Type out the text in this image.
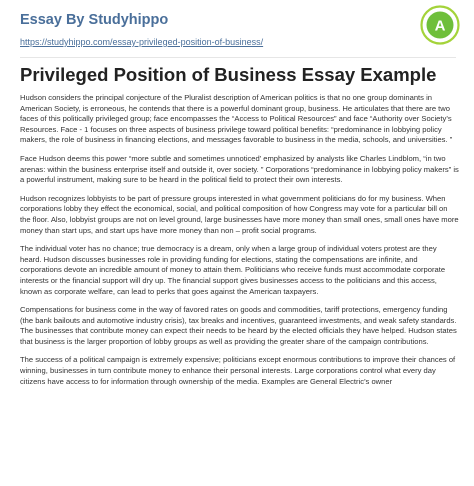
Essay By Studyhippo
https://studyhippo.com/essay-privileged-position-of-business/
A
Privileged Position of Business Essay Example

Hudson considers the principal conjecture of the Pluralist description of American politics is that no one group dominants in American Society, is erroneous, he contends that there is a powerful dominant group, business. He articulates that there are two faces of this politically privileged group; face encompasses the “Access to Political Resources” and face “Authority over Society’s Resources. Face - 1 focuses on three aspects of business privilege toward political benefits: “predominance in lobbying policy makers, the role of business in financing elections, and messages favorable to business in the media, schools, and universities. ”

Face Hudson deems this power “more subtle and sometimes unnoticed’ emphasized by analysts like Charles Lindblom, “in two arenas: within the business enterprise itself and outside it, over society. ” Corporations “predominance in lobbying policy makers” is a powerful instrument, making sure to be heard in the political field to protect their own interests.

Hudson recognizes lobbyists to be part of pressure groups interested in what government politicians do for my business. When corporations lobby they effect the economical, social, and political composition of how Congress may vote for a particular bill on the floor. Also, lobbyist groups are not on level ground, large businesses have more money than small ones, small ones have more money than start ups, and start ups have more money than non – profit social programs.

The individual voter has no chance; true democracy is a dream, only when a large group of individual voters protest are they heard. Hudson discusses businesses role in providing funding for elections, stating the compensations are infinite, and corporations devote an incredible amount of money to attain them. Politicians who receive funds must accommodate corporate interests or the financial support will dry up. The financial support gives businesses access to the politicians and this access, known as corporate welfare, can lead to perks that goes against the American taxpayers.

Compensations for business come in the way of favored rates on goods and commodities, tariff protections, emergency funding (the bank bailouts and automotive industry crisis), tax breaks and incentives, guaranteed investments, and weak safety standards. The businesses that contribute money can expect their needs to be heard by the elected officials they have helped. Hudson states that business is the larger proportion of lobby groups as well as providing the greater share of the campaign contributions.

The success of a political campaign is extremely expensive; politicians except enormous contributions to improve their chances of winning, businesses in turn contribute money to enhance their personal interests. Large corporations control what every day citizens have access to for information through ownership of the media. Examples are General Electric’s owner
